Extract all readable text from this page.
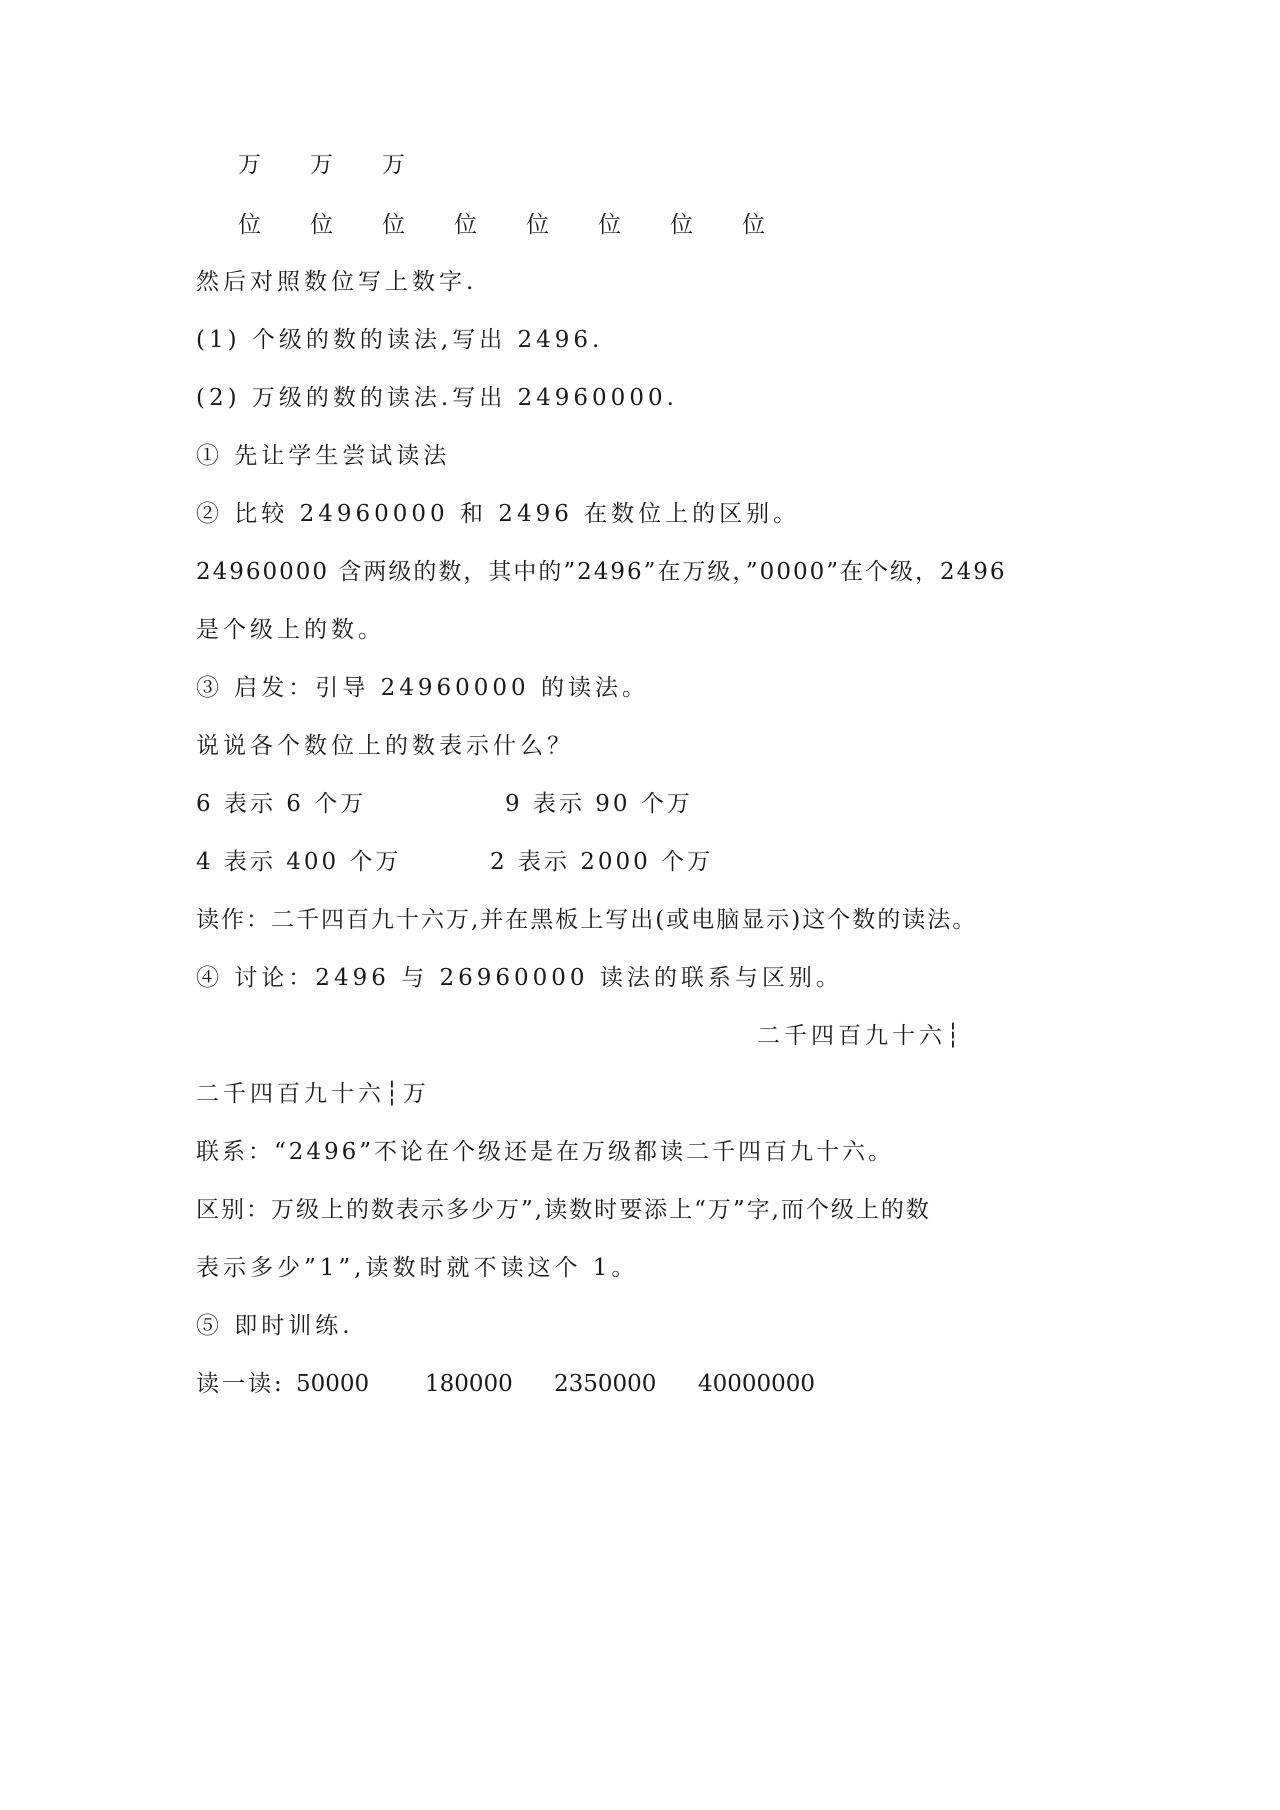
万 万 万
位 位 位 位 位 位 位 位
然后对照数位写上数字.
(1) 个级的数的读法,写出 2496.
(2) 万级的数的读法.写出 24960000.
① 先让学生尝试读法
② 比较 24960000 和 2496 在数位上的区别。
24960000 含两级的数，其中的”2496”在万级，”0000”在个级，2496
是个级上的数。
③ 启发：引导 24960000 的读法。
说说各个数位上的数表示什么？
6 表示 6 个万	9 表示 90 个万
4 表示 400 个万	2 表示 2000 个万
读作：二千四百九十六万,并在黑板上写出(或电脑显示)这个数的读法。
④ 讨论：2496 与 26960000 读法的联系与区别。
二千四百九十六┆
二千四百九十六┆万
联系：“2496”不论在个级还是在万级都读二千四百九十六。
区别：万级上的数表示多少万”,读数时要添上“万”字,而个级上的数
表示多少”1”,读数时就不读这个 1。
⑤ 即时训练.
读一读: 50000 180000 2350000 40000000
